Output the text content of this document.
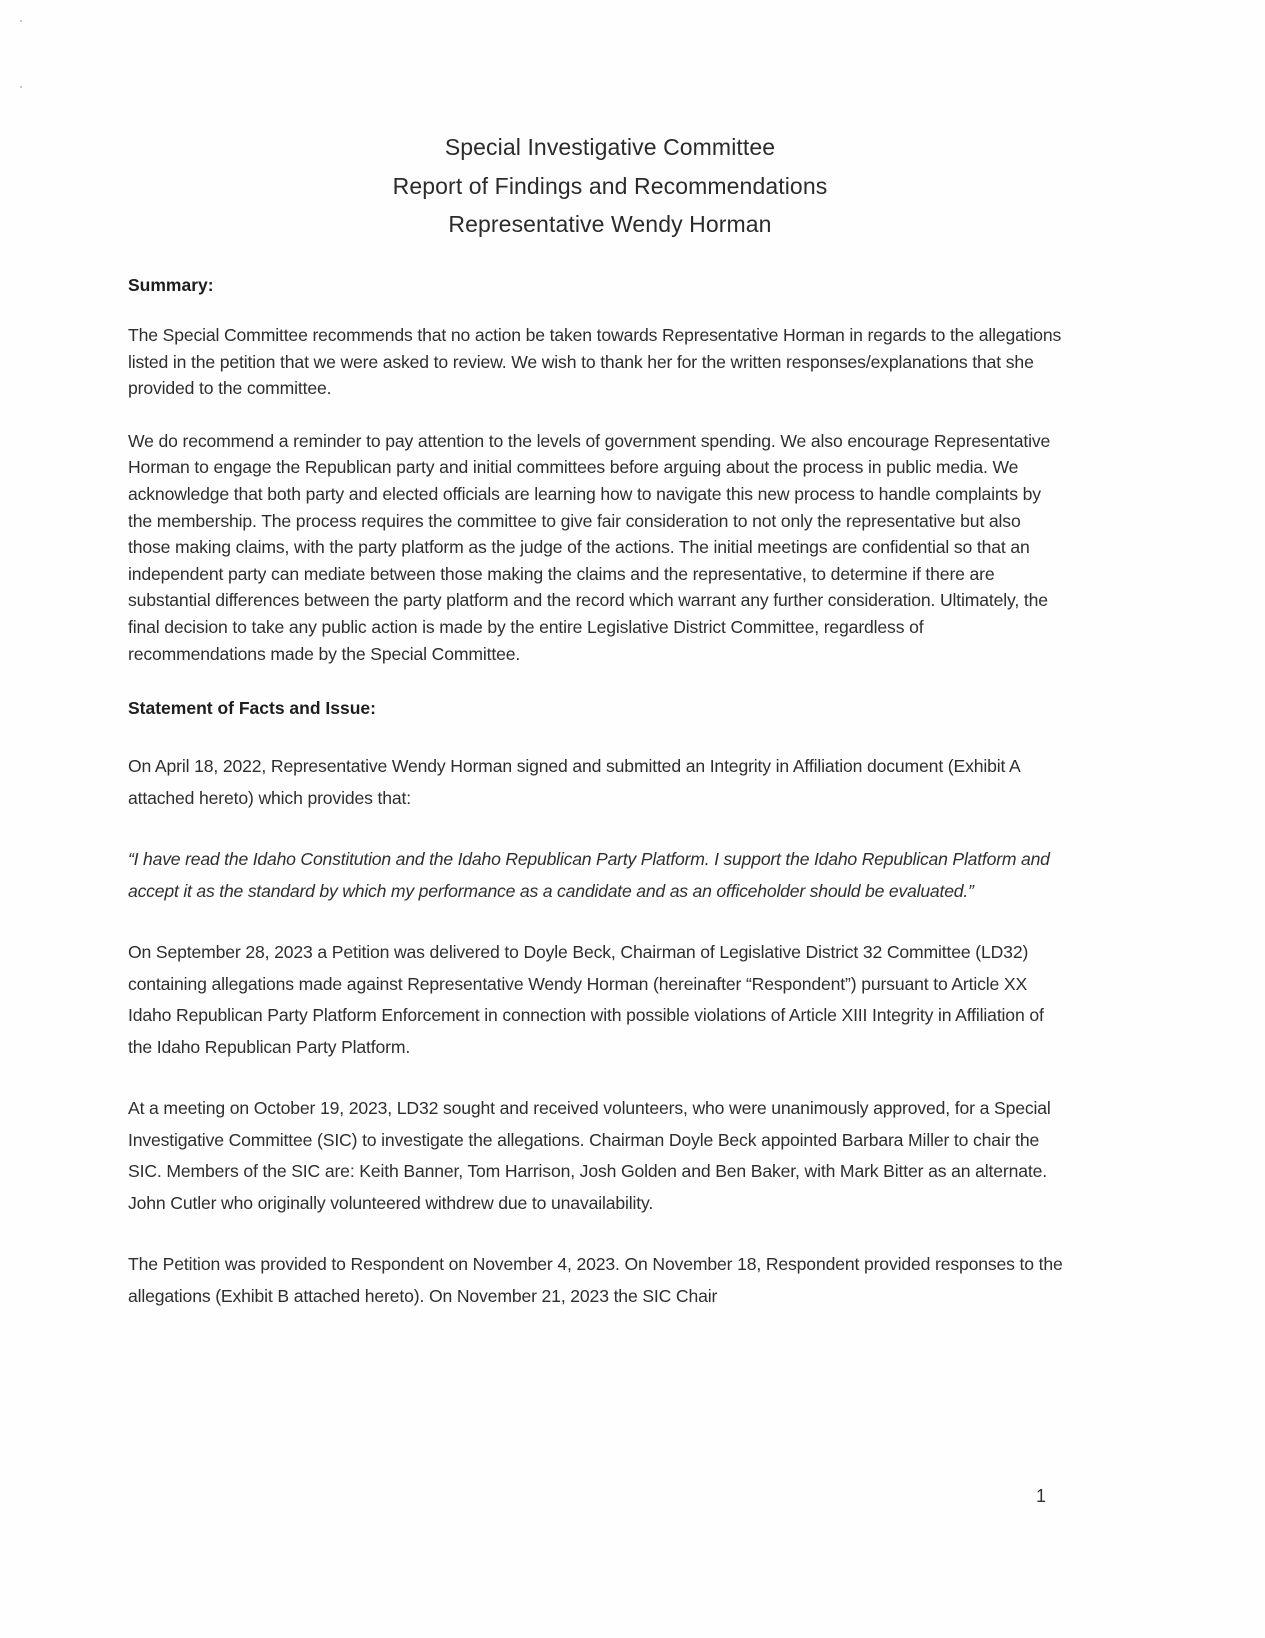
Special Investigative Committee
Report of Findings and Recommendations
Representative Wendy Horman

Summary:

The Special Committee recommends that no action be taken towards Representative Horman in regards to the allegations listed in the petition that we were asked to review. We wish to thank her for the written responses/explanations that she provided to the committee.

We do recommend a reminder to pay attention to the levels of government spending. We also encourage Representative Horman to engage the Republican party and initial committees before arguing about the process in public media. We acknowledge that both party and elected officials are learning how to navigate this new process to handle complaints by the membership. The process requires the committee to give fair consideration to not only the representative but also those making claims, with the party platform as the judge of the actions. The initial meetings are confidential so that an independent party can mediate between those making the claims and the representative, to determine if there are substantial differences between the party platform and the record which warrant any further consideration. Ultimately, the final decision to take any public action is made by the entire Legislative District Committee, regardless of recommendations made by the Special Committee.

Statement of Facts and Issue:

On April 18, 2022, Representative Wendy Horman signed and submitted an Integrity in Affiliation document (Exhibit A attached hereto) which provides that:

“I have read the Idaho Constitution and the Idaho Republican Party Platform. I support the Idaho Republican Platform and accept it as the standard by which my performance as a candidate and as an officeholder should be evaluated.”

On September 28, 2023 a Petition was delivered to Doyle Beck, Chairman of Legislative District 32 Committee (LD32) containing allegations made against Representative Wendy Horman (hereinafter “Respondent”) pursuant to Article XX Idaho Republican Party Platform Enforcement in connection with possible violations of Article XIII Integrity in Affiliation of the Idaho Republican Party Platform.

At a meeting on October 19, 2023, LD32 sought and received volunteers, who were unanimously approved, for a Special Investigative Committee (SIC) to investigate the allegations. Chairman Doyle Beck appointed Barbara Miller to chair the SIC. Members of the SIC are: Keith Banner, Tom Harrison, Josh Golden and Ben Baker, with Mark Bitter as an alternate. John Cutler who originally volunteered withdrew due to unavailability.

The Petition was provided to Respondent on November 4, 2023. On November 18, Respondent provided responses to the allegations (Exhibit B attached hereto). On November 21, 2023 the SIC Chair

1
